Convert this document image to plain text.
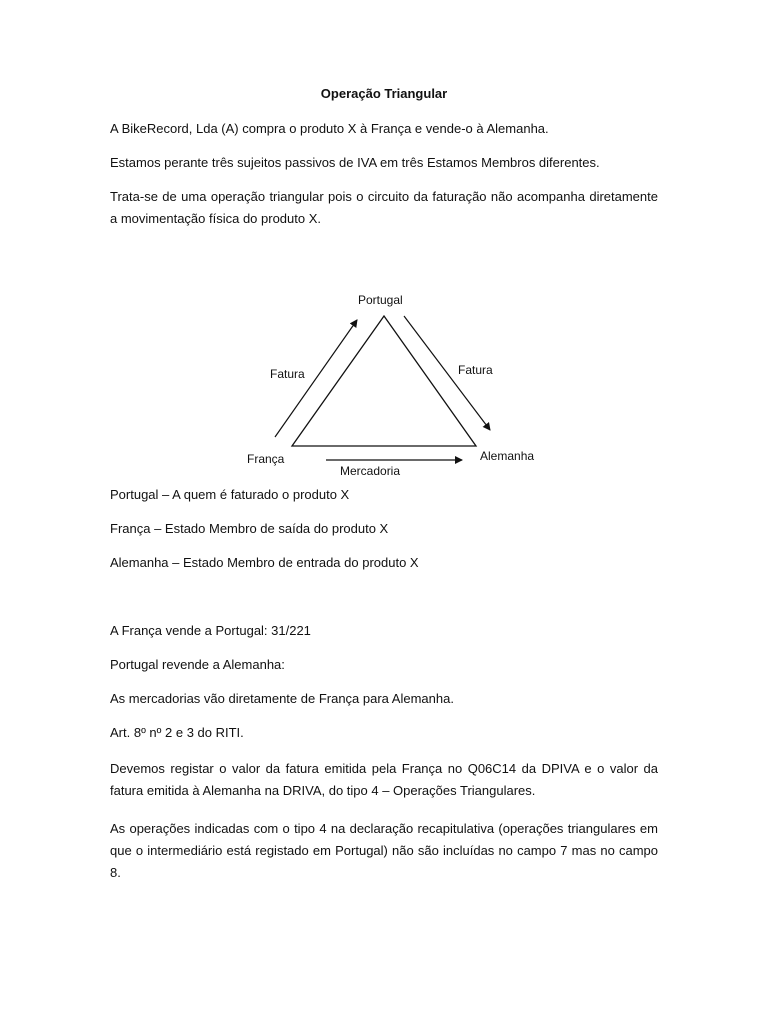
Operação Triangular

A BikeRecord, Lda (A) compra o produto X à França e vende-o à Alemanha.

Estamos perante três sujeitos passivos de IVA em três Estamos Membros diferentes.

Trata-se de uma operação triangular pois o circuito da faturação não acompanha diretamente a movimentação física do produto X.

Portugal
França	Alemanha
Fatura	Fatura
Mercadoria

Portugal – A quem é faturado o produto X

França – Estado Membro de saída do produto X

Alemanha – Estado Membro de entrada do produto X

A França vende a Portugal: 31/221

Portugal revende a Alemanha:

As mercadorias vão diretamente de França para Alemanha.

Art. 8º nº 2 e 3 do RITI.

Devemos registar o valor da fatura emitida pela França no Q06C14 da DPIVA e o valor da fatura emitida à Alemanha na DRIVA, do tipo 4 – Operações Triangulares.

As operações indicadas com o tipo 4 na declaração recapitulativa (operações triangulares em que o intermediário está registado em Portugal) não são incluídas no campo 7 mas no campo 8.
